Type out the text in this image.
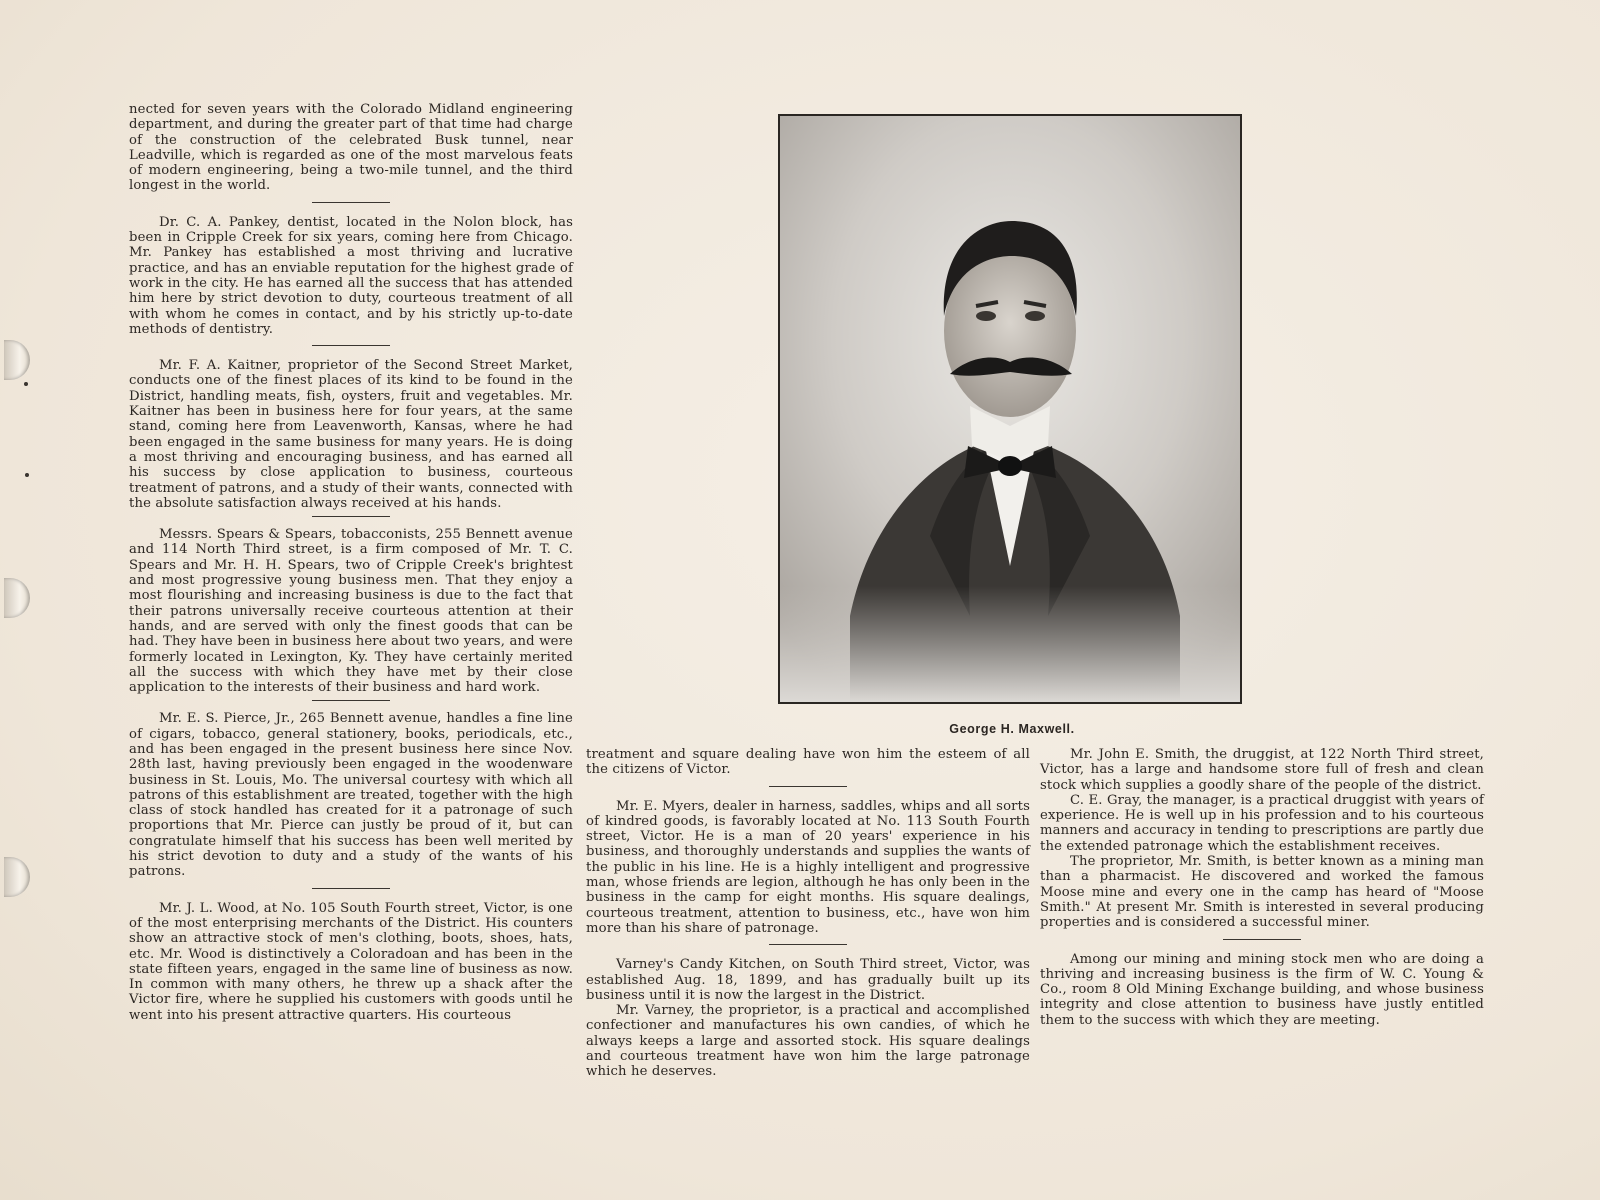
nected for seven years with the Colorado Midland engineering department, and during the greater part of that time had charge of the construction of the celebrated Busk tunnel, near Leadville, which is regarded as one of the most marvelous feats of modern engineering, being a two-mile tunnel, and the third longest in the world.

Dr. C. A. Pankey, dentist, located in the Nolon block, has been in Cripple Creek for six years, coming here from Chicago. Mr. Pankey has established a most thriving and lucrative practice, and has an enviable reputation for the highest grade of work in the city. He has earned all the success that has attended him here by strict devotion to duty, courteous treatment of all with whom he comes in contact, and by his strictly up-to-date methods of dentistry.

Mr. F. A. Kaitner, proprietor of the Second Street Market, conducts one of the finest places of its kind to be found in the District, handling meats, fish, oysters, fruit and vegetables. Mr. Kaitner has been in business here for four years, at the same stand, coming here from Leavenworth, Kansas, where he had been engaged in the same business for many years. He is doing a most thriving and encouraging business, and has earned all his success by close application to business, courteous treatment of patrons, and a study of their wants, connected with the absolute satisfaction always received at his hands.

Messrs. Spears & Spears, tobacconists, 255 Bennett avenue and 114 North Third street, is a firm composed of Mr. T. C. Spears and Mr. H. H. Spears, two of Cripple Creek's brightest and most progressive young business men. That they enjoy a most flourishing and increasing business is due to the fact that their patrons universally receive courteous attention at their hands, and are served with only the finest goods that can be had. They have been in business here about two years, and were formerly located in Lexington, Ky. They have certainly merited all the success with which they have met by their close application to the interests of their business and hard work.

Mr. E. S. Pierce, Jr., 265 Bennett avenue, handles a fine line of cigars, tobacco, general stationery, books, periodicals, etc., and has been engaged in the present business here since Nov. 28th last, having previously been engaged in the woodenware business in St. Louis, Mo. The universal courtesy with which all patrons of this establishment are treated, together with the high class of stock handled has created for it a patronage of such proportions that Mr. Pierce can justly be proud of it, but can congratulate himself that his success has been well merited by his strict devotion to duty and a study of the wants of his patrons.

Mr. J. L. Wood, at No. 105 South Fourth street, Victor, is one of the most enterprising merchants of the District. His counters show an attractive stock of men's clothing, boots, shoes, hats, etc. Mr. Wood is distinctively a Coloradoan and has been in the state fifteen years, engaged in the same line of business as now. In common with many others, he threw up a shack after the Victor fire, where he supplied his customers with goods until he went into his present attractive quarters. His courteous

George H. Maxwell.

treatment and square dealing have won him the esteem of all the citizens of Victor.

Mr. E. Myers, dealer in harness, saddles, whips and all sorts of kindred goods, is favorably located at No. 113 South Fourth street, Victor. He is a man of 20 years' experience in his business, and thoroughly understands and supplies the wants of the public in his line. He is a highly intelligent and progressive man, whose friends are legion, although he has only been in the business in the camp for eight months. His square dealings, courteous treatment, attention to business, etc., have won him more than his share of patronage.

Varney's Candy Kitchen, on South Third street, Victor, was established Aug. 18, 1899, and has gradually built up its business until it is now the largest in the District.

Mr. Varney, the proprietor, is a practical and accomplished confectioner and manufactures his own candies, of which he always keeps a large and assorted stock. His square dealings and courteous treatment have won him the large patronage which he deserves.

Mr. John E. Smith, the druggist, at 122 North Third street, Victor, has a large and handsome store full of fresh and clean stock which supplies a goodly share of the people of the district.

C. E. Gray, the manager, is a practical druggist with years of experience. He is well up in his profession and to his courteous manners and accuracy in tending to prescriptions are partly due the extended patronage which the establishment receives.

The proprietor, Mr. Smith, is better known as a mining man than a pharmacist. He discovered and worked the famous Moose mine and every one in the camp has heard of "Moose Smith." At present Mr. Smith is interested in several producing properties and is considered a successful miner.

Among our mining and mining stock men who are doing a thriving and increasing business is the firm of W. C. Young & Co., room 8 Old Mining Exchange building, and whose business integrity and close attention to business have justly entitled them to the success with which they are meeting.
